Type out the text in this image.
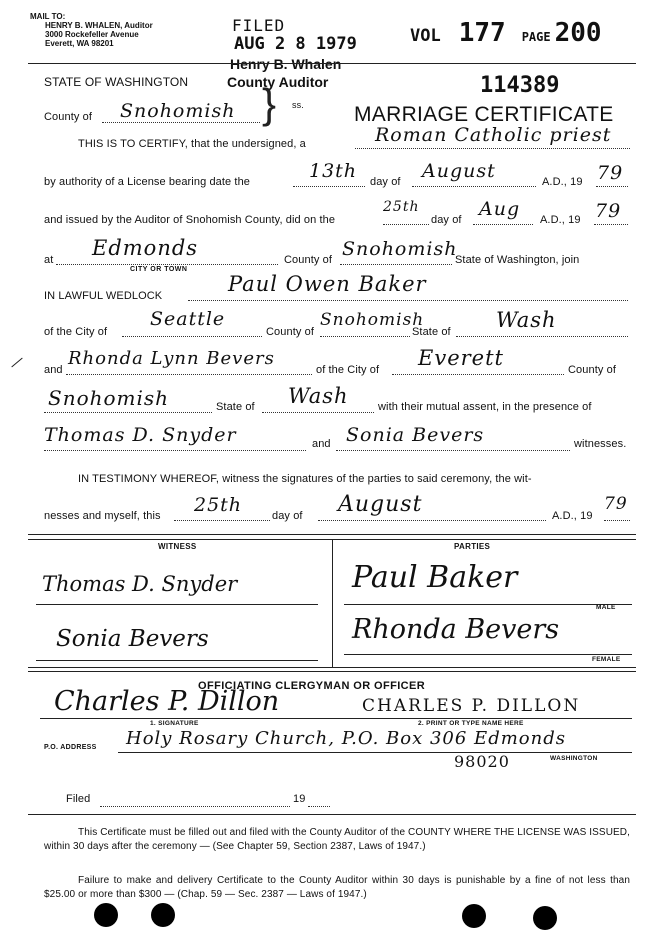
MAIL TO:
HENRY B. WHALEN, Auditor
3000 Rockefeller Avenue
Everett, WA 98201
FILED
AUG 2 8 1979
Henry B. Whalen
County Auditor
VOL 177 PAGE 200
STATE OF WASHINGTON	114389
County of	Snohomish } ss. MARRIAGE CERTIFICATE
THIS IS TO CERTIFY, that the undersigned, a	Roman Catholic priest
by authority of a License bearing date the	13th	day of	August	A.D., 19 79
and issued by the Auditor of Snohomish County, did on the
25th
day of Aug	A.D., 19 79
at	Edmonds
CITY OR TOWN
County of Snohomish
State of Washington, join
IN LAWFUL WEDLOCK	Paul Owen Baker
of the City of
Seattle
County of
Snohomish
State of	Wash
and
Rhonda Lynn Bevers
of the City of	Everett	County of
Snohomish	State of	Wash	with their mutual assent, in the presence of
Thomas D. Snyder	and Sonia Bevers	witnesses.
IN TESTIMONY WHEREOF, witness the signatures of the parties to said ceremony, the wit-
nesses and myself, this	25th	day of	August	A.D., 19
79
WITNESS	PARTIES
Thomas D. Snyder
Sonia Bevers
Paul Baker
MALE
Rhonda Bevers
FEMALE
OFFICIATING CLERGYMAN OR OFFICER
Charles P. Dillon	CHARLES P. DILLON
1. SIGNATURE	2. PRINT OR TYPE NAME HERE
P.O. ADDRESS Holy Rosary Church, P.O. Box 306 Edmonds
98020	WASHINGTON
Filed	19
This Certificate must be filled out and filed with the County Auditor of the COUNTY WHERE THE LICENSE WAS ISSUED, within 30 days after the ceremony — (See Chapter 59, Section 2387, Laws of 1947.)
Failure to make and delivery Certificate to the County Auditor within 30 days is punishable by a fine of not less than $25.00 or more than $300 — (Chap. 59 — Sec. 2387 — Laws of 1947.)
